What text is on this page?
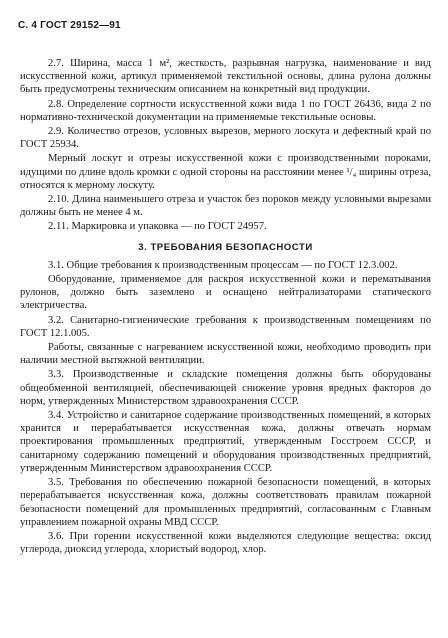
С. 4 ГОСТ 29152—91

2.7. Ширина, масса 1 м², жесткость, разрывная нагрузка, наименование и вид искусственной кожи, артикул применяемой текстильной основы, длина рулона должны быть предусмотрены техническим описанием на конкретный вид продукции.

2.8. Определение сортности искусственной кожи вида 1 по ГОСТ 26436, вида 2 по нормативно-технической документации на применяемые текстильные основы.

2.9. Количество отрезов, условных вырезов, мерного лоскута и дефектный край по ГОСТ 25934.

Мерный лоскут и отрезы искусственной кожи с производственными пороками, идущими по длине вдоль кромки с одной стороны на расстоянии менее ¹/₄ ширины отреза, относятся к мерному лоскуту.

2.10. Длина наименьшего отреза и участок без пороков между условными вырезами должны быть не менее 4 м.

2.11. Маркировка и упаковка — по ГОСТ 24957.

3. ТРЕБОВАНИЯ БЕЗОПАСНОСТИ

3.1. Общие требования к производственным процессам — по ГОСТ 12.3.002.

Оборудование, применяемое для раскроя искусственной кожи и перематывания рулонов, должно быть заземлено и оснащено нейтрализаторами статического электричества.

3.2. Санитарно-гигиенические требования к производственным помещениям по ГОСТ 12.1.005.

Работы, связанные с нагреванием искусственной кожи, необходимо проводить при наличии местной вытяжной вентиляции.

3.3. Производственные и складские помещения должны быть оборудованы общеобменной вентиляцией, обеспечивающей снижение уровня вредных факторов до норм, утвержденных Министерством здравоохранения СССР.

3.4. Устройство и санитарное содержание производственных помещений, в которых хранится и перерабатывается искусственная кожа, должны отвечать нормам проектирования промышленных предприятий, утвержденным Госстроем СССР, и санитарному содержанию помещений и оборудования производственных предприятий, утвержденным Министерством здравоохранения СССР.

3.5. Требования по обеспечению пожарной безопасности помещений, в которых перерабатывается искусственная кожа, должны соответствовать правилам пожарной безопасности помещений для промышленных предприятий, согласованным с Главным управлением пожарной охраны МВД СССР.

3.6. При горении искусственной кожи выделяются следующие вещества: оксид углерода, диоксид углерода, хлористый водород, хлор.
